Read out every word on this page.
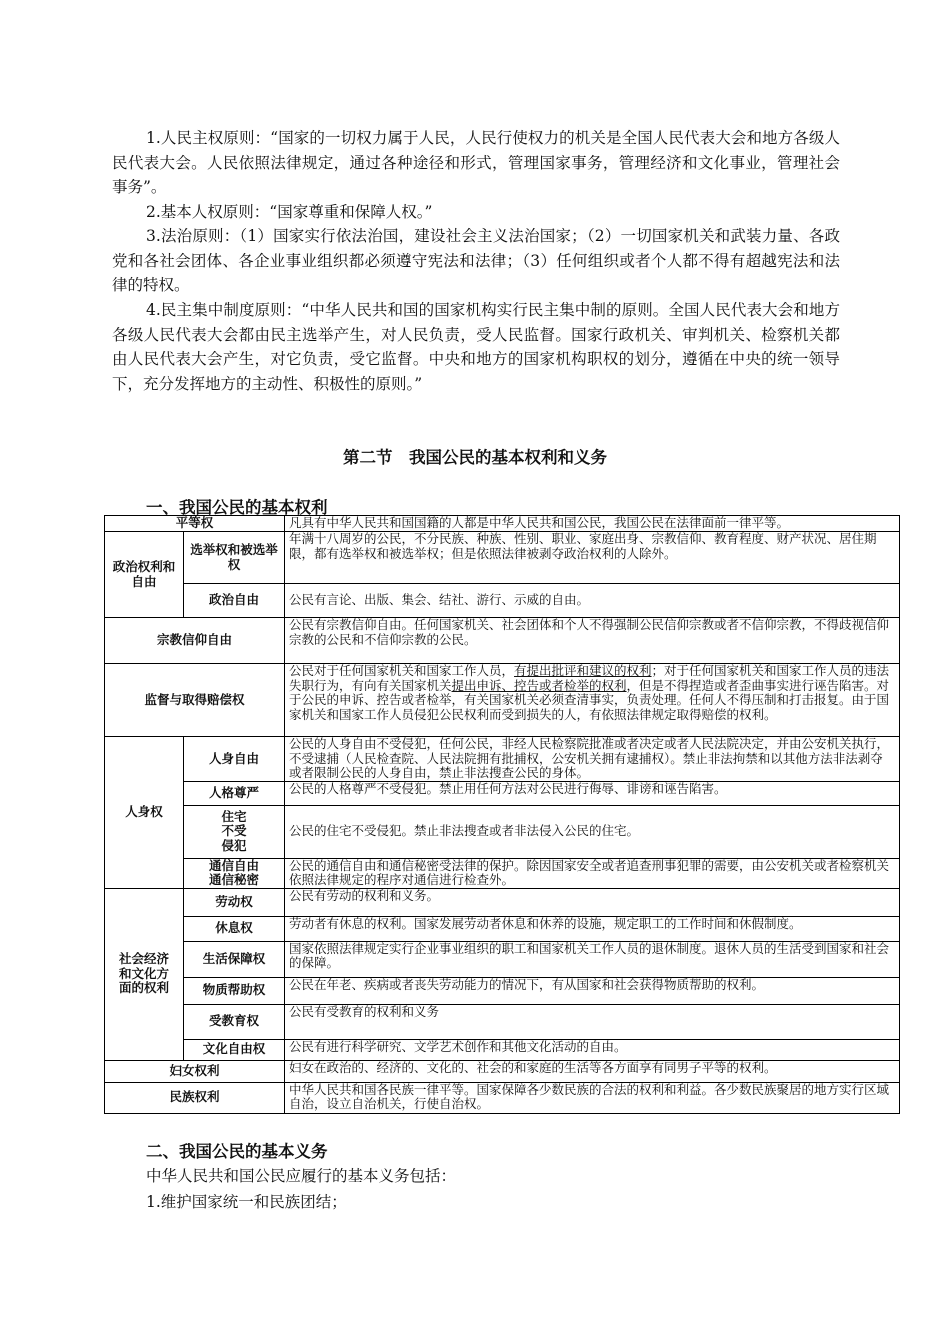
1.人民主权原则：“国家的一切权力属于人民，人民行使权力的机关是全国人民代表大会和地方各级人民代表大会。人民依照法律规定，通过各种途径和形式，管理国家事务，管理经济和文化事业，管理社会事务”。

2.基本人权原则：“国家尊重和保障人权。”

3.法治原则：（1）国家实行依法治国，建设社会主义法治国家；（2）一切国家机关和武装力量、各政党和各社会团体、各企业事业组织都必须遵守宪法和法律；（3）任何组织或者个人都不得有超越宪法和法律的特权。

4.民主集中制度原则：“中华人民共和国的国家机构实行民主集中制的原则。全国人民代表大会和地方各级人民代表大会都由民主选举产生，对人民负责，受人民监督。国家行政机关、审判机关、检察机关都由人民代表大会产生，对它负责，受它监督。中央和地方的国家机构职权的划分，遵循在中央的统一领导下，充分发挥地方的主动性、积极性的原则。”

第二节　我国公民的基本权利和义务
一、我国公民的基本权利
平等权		凡具有中华人民共和国国籍的人都是中华人民共和国公民，我国公民在法律面前一律平等。
政治权利和自由	选举权和被选举权	年满十八周岁的公民，不分民族、种族、性别、职业、家庭出身、宗教信仰、教育程度、财产状况、居住期限，都有选举权和被选举权；但是依照法律被剥夺政治权利的人除外。
	政治自由	公民有言论、出版、集会、结社、游行、示威的自由。
宗教信仰自由		公民有宗教信仰自由。任何国家机关、社会团体和个人不得强制公民信仰宗教或者不信仰宗教，不得歧视信仰宗教的公民和不信仰宗教的公民。
监督与取得赔偿权		公民对于任何国家机关和国家工作人员，有提出批评和建议的权利；对于任何国家机关和国家工作人员的违法失职行为，有向有关国家机关提出申诉、控告或者检举的权利，但是不得捏造或者歪曲事实进行诬告陷害。对于公民的申诉、控告或者检举，有关国家机关必须查清事实，负责处理。任何人不得压制和打击报复。由于国家机关和国家工作人员侵犯公民权利而受到损失的人，有依照法律规定取得赔偿的权利。
人身权	人身自由	公民的人身自由不受侵犯，任何公民，非经人民检察院批准或者决定或者人民法院决定，并由公安机关执行，不受逮捕（人民检查院、人民法院拥有批捕权，公安机关拥有逮捕权）。禁止非法拘禁和以其他方法非法剥夺或者限制公民的人身自由，禁止非法搜查公民的身体。
	人格尊严	公民的人格尊严不受侵犯。禁止用任何方法对公民进行侮辱、诽谤和诬告陷害。
	住宅不受侵犯	公民的住宅不受侵犯。禁止非法搜查或者非法侵入公民的住宅。
	通信自由通信秘密	公民的通信自由和通信秘密受法律的保护。除因国家安全或者追查刑事犯罪的需要，由公安机关或者检察机关依照法律规定的程序对通信进行检查外。
社会经济和文化方面的权利	劳动权	公民有劳动的权利和义务。
	休息权	劳动者有休息的权利。国家发展劳动者休息和休养的设施，规定职工的工作时间和休假制度。
	生活保障权	国家依照法律规定实行企业事业组织的职工和国家机关工作人员的退休制度。退休人员的生活受到国家和社会的保障。
	物质帮助权	公民在年老、疾病或者丧失劳动能力的情况下，有从国家和社会获得物质帮助的权利。
	受教育权	公民有受教育的权利和义务
	文化自由权	公民有进行科学研究、文学艺术创作和其他文化活动的自由。
妇女权利		妇女在政治的、经济的、文化的、社会的和家庭的生活等各方面享有同男子平等的权利。
民族权利		中华人民共和国各民族一律平等。国家保障各少数民族的合法的权利和利益。各少数民族聚居的地方实行区域自治，设立自治机关，行使自治权。
二、我国公民的基本义务

中华人民共和国公民应履行的基本义务包括：

1.维护国家统一和民族团结；
